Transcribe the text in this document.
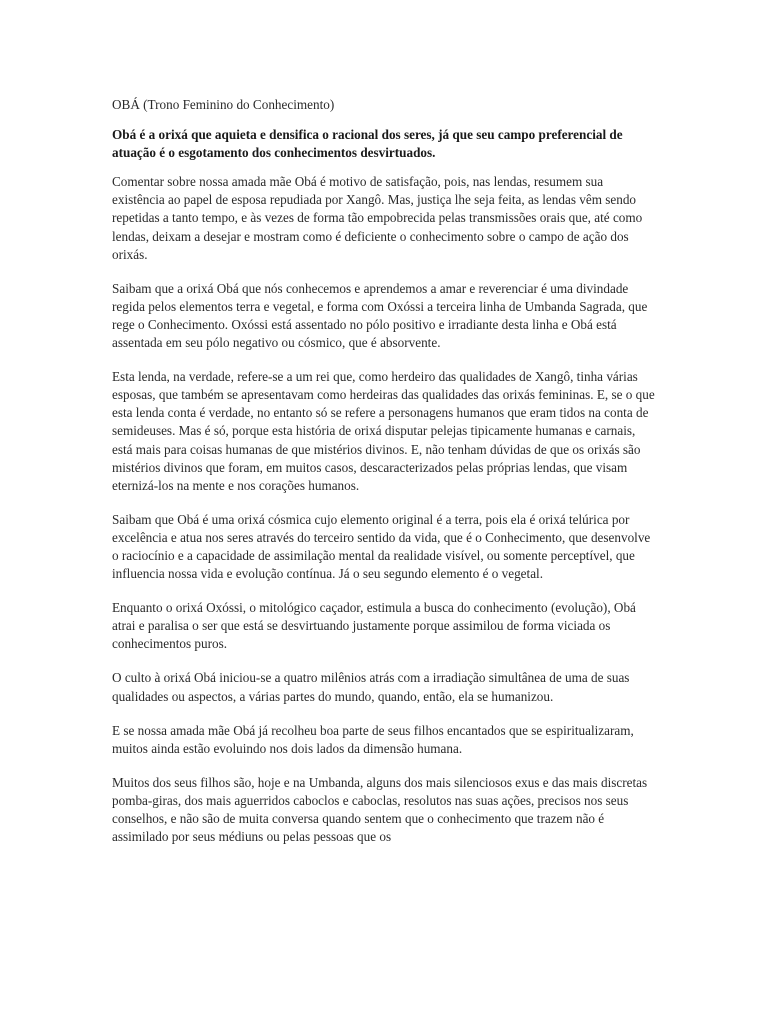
OBÁ (Trono Feminino do Conhecimento)

Obá é a orixá que aquieta e densifica o racional dos seres, já que seu campo preferencial de atuação é o esgotamento dos conhecimentos desvirtuados.

Comentar sobre nossa amada mãe Obá é motivo de satisfação, pois, nas lendas, resumem sua existência ao papel de esposa repudiada por Xangô. Mas, justiça lhe seja feita, as lendas vêm sendo repetidas a tanto tempo, e às vezes de forma tão empobrecida pelas transmissões orais que, até como lendas, deixam a desejar e mostram como é deficiente o conhecimento sobre o campo de ação dos orixás.

Saibam que a orixá Obá que nós conhecemos e aprendemos a amar e reverenciar é uma divindade regida pelos elementos terra e vegetal, e forma com Oxóssi a terceira linha de Umbanda Sagrada, que rege o Conhecimento. Oxóssi está assentado no pólo positivo e irradiante desta linha e Obá está assentada em seu pólo negativo ou cósmico, que é absorvente.

Esta lenda, na verdade, refere-se a um rei que, como herdeiro das qualidades de Xangô, tinha várias esposas, que também se apresentavam como herdeiras das qualidades das orixás femininas. E, se o que esta lenda conta é verdade, no entanto só se refere a personagens humanos que eram tidos na conta de semideuses. Mas é só, porque esta história de orixá disputar pelejas tipicamente humanas e carnais, está mais para coisas humanas de que mistérios divinos. E, não tenham dúvidas de que os orixás são mistérios divinos que foram, em muitos casos, descaracterizados pelas próprias lendas, que visam eternizá-los na mente e nos corações humanos.

Saibam que Obá é uma orixá cósmica cujo elemento original é a terra, pois ela é orixá telúrica por excelência e atua nos seres através do terceiro sentido da vida, que é o Conhecimento, que desenvolve o raciocínio e a capacidade de assimilação mental da realidade visível, ou somente perceptível, que influencia nossa vida e evolução contínua. Já o seu segundo elemento é o vegetal.

Enquanto o orixá Oxóssi, o mitológico caçador, estimula a busca do conhecimento (evolução), Obá atrai e paralisa o ser que está se desvirtuando justamente porque assimilou de forma viciada os conhecimentos puros.

O culto à orixá Obá iniciou-se a quatro milênios atrás com a irradiação simultânea de uma de suas qualidades ou aspectos, a várias partes do mundo, quando, então, ela se humanizou.

E se nossa amada mãe Obá já recolheu boa parte de seus filhos encantados que se espiritualizaram, muitos ainda estão evoluindo nos dois lados da dimensão humana.

Muitos dos seus filhos são, hoje e na Umbanda, alguns dos mais silenciosos exus e das mais discretas pomba-giras, dos mais aguerridos caboclos e caboclas, resolutos nas suas ações, precisos nos seus conselhos, e não são de muita conversa quando sentem que o conhecimento que trazem não é assimilado por seus médiuns ou pelas pessoas que os
